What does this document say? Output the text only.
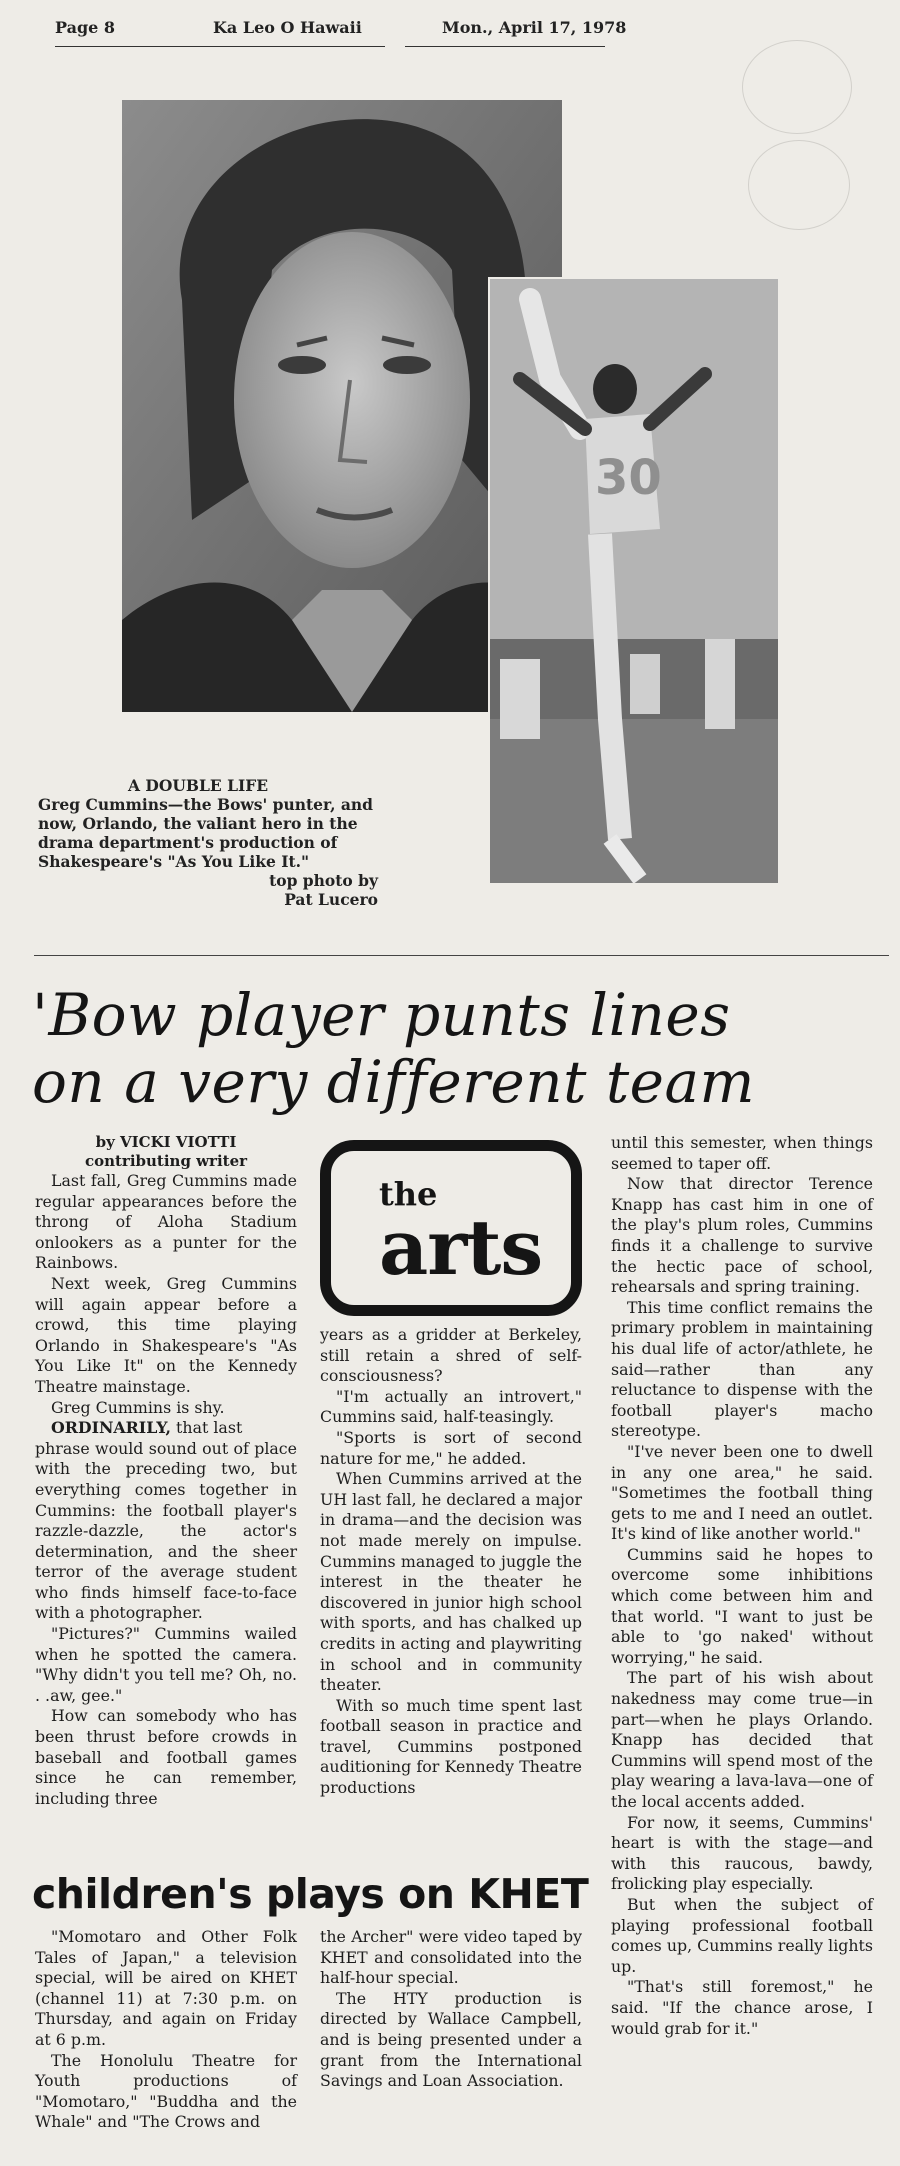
Page 8	Ka Leo O Hawaii	Mon., April 17, 1978
30
A DOUBLE LIFE
Greg Cummins—the Bows' punter, and now, Orlando, the valiant hero in the drama department's production of Shakespeare's "As You Like It."
top photo by
Pat Lucero
'Bow player punts lines
on a very different team
by VICKI VIOTTI
contributing writer

Last fall, Greg Cummins made regular appearances before the throng of Aloha Stadium onlookers as a punter for the Rainbows.

Next week, Greg Cummins will again appear before a crowd, this time playing Orlando in Shakespeare's "As You Like It" on the Kennedy Theatre mainstage.

Greg Cummins is shy.

ORDINARILY, that last

phrase would sound out of place with the preceding two, but everything comes together in Cummins: the football player's razzle-dazzle, the actor's determination, and the sheer terror of the average student who finds himself face-to-face with a photographer.

"Pictures?" Cummins wailed when he spotted the camera. "Why didn't you tell me? Oh, no. . .aw, gee."

How can somebody who has been thrust before crowds in baseball and football games since he can remember, including three

the
arts

years as a gridder at Berkeley, still retain a shred of self-consciousness?

"I'm actually an introvert," Cummins said, half-teasingly.

"Sports is sort of second nature for me," he added.

When Cummins arrived at the UH last fall, he declared a major in drama—and the decision was not made merely on impulse. Cummins managed to juggle the interest in the theater he discovered in junior high school with sports, and has chalked up credits in acting and playwriting in school and in community theater.

With so much time spent last football season in practice and travel, Cummins postponed auditioning for Kennedy Theatre productions

until this semester, when things seemed to taper off.

Now that director Terence Knapp has cast him in one of the play's plum roles, Cummins finds it a challenge to survive the hectic pace of school, rehearsals and spring training.

This time conflict remains the primary problem in maintaining his dual life of actor/athlete, he said—rather than any reluctance to dispense with the football player's macho stereotype.

"I've never been one to dwell in any one area," he said. "Sometimes the football thing gets to me and I need an outlet. It's kind of like another world."

Cummins said he hopes to overcome some inhibitions which come between him and that world. "I want to just be able to 'go naked' without worrying," he said.

The part of his wish about nakedness may come true—in part—when he plays Orlando. Knapp has decided that Cummins will spend most of the play wearing a lava-lava—one of the local accents added.

For now, it seems, Cummins' heart is with the stage—and with this raucous, bawdy, frolicking play especially.

But when the subject of playing professional football comes up, Cummins really lights up.

"That's still foremost," he said. "If the chance arose, I would grab for it."

children's plays on KHET

"Momotaro and Other Folk Tales of Japan," a television special, will be aired on KHET (channel 11) at 7:30 p.m. on Thursday, and again on Friday at 6 p.m.

The Honolulu Theatre for Youth productions of "Momotaro," "Buddha and the Whale" and "The Crows and

the Archer" were video taped by KHET and consolidated into the half-hour special.

The HTY production is directed by Wallace Campbell, and is being presented under a grant from the International Savings and Loan Association.
